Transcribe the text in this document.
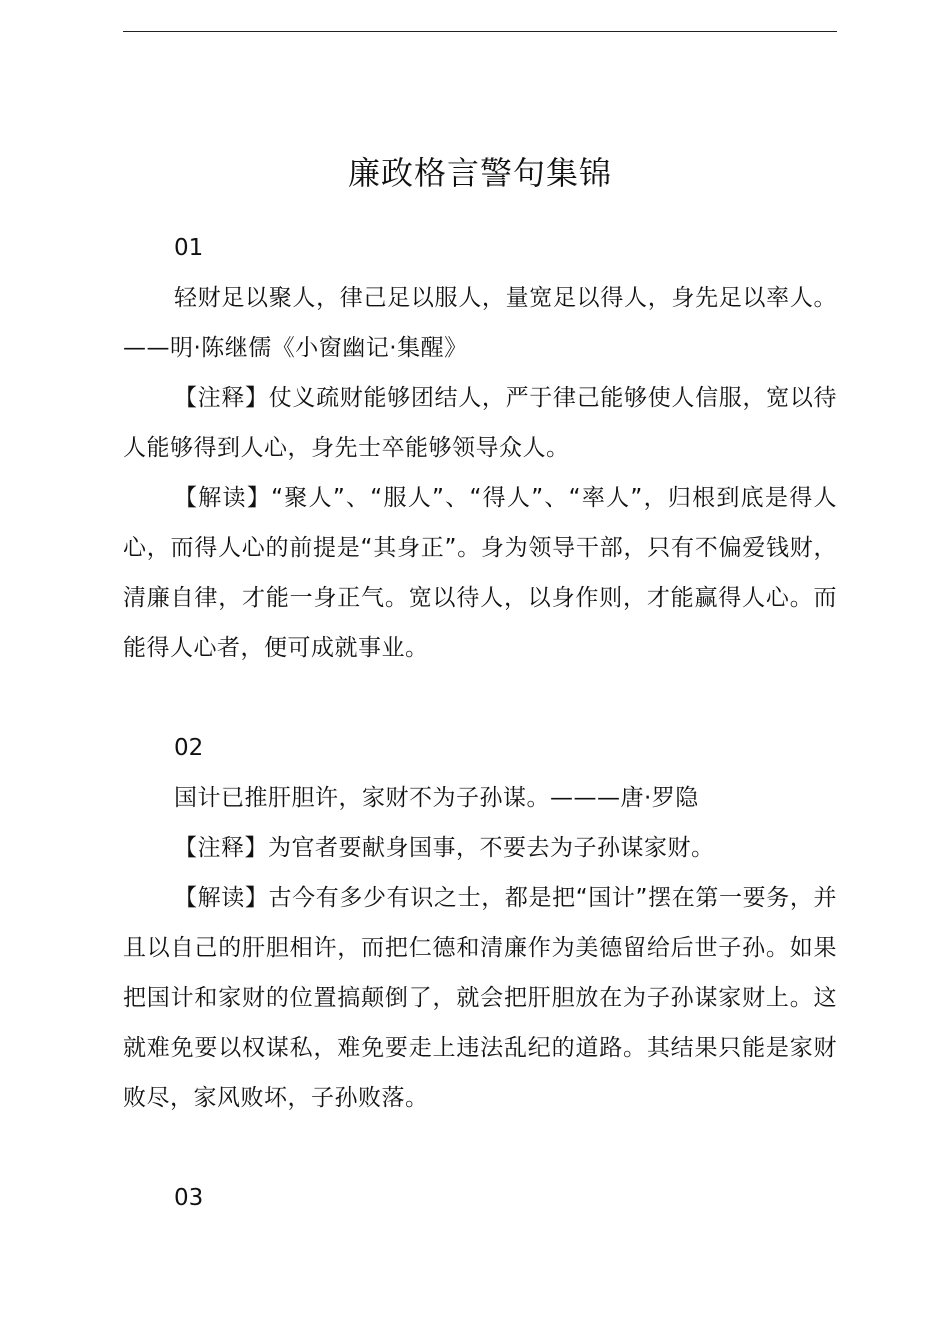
廉政格言警句集锦

01

轻财足以聚人，律己足以服人，量宽足以得人，身先足以率人。——明·陈继儒《小窗幽记·集醒》

【注释】仗义疏财能够团结人，严于律己能够使人信服，宽以待人能够得到人心，身先士卒能够领导众人。

【解读】“聚人”、“服人”、“得人”、“率人”，归根到底是得人心，而得人心的前提是“其身正”。身为领导干部，只有不偏爱钱财，清廉自律，才能一身正气。宽以待人，以身作则，才能赢得人心。而能得人心者，便可成就事业。

02

国计已推肝胆许，家财不为子孙谋。———唐·罗隐

【注释】为官者要献身国事，不要去为子孙谋家财。

【解读】古今有多少有识之士，都是把“国计”摆在第一要务，并且以自己的肝胆相许，而把仁德和清廉作为美德留给后世子孙。如果把国计和家财的位置搞颠倒了，就会把肝胆放在为子孙谋家财上。这就难免要以权谋私，难免要走上违法乱纪的道路。其结果只能是家财败尽，家风败坏，子孙败落。

03
